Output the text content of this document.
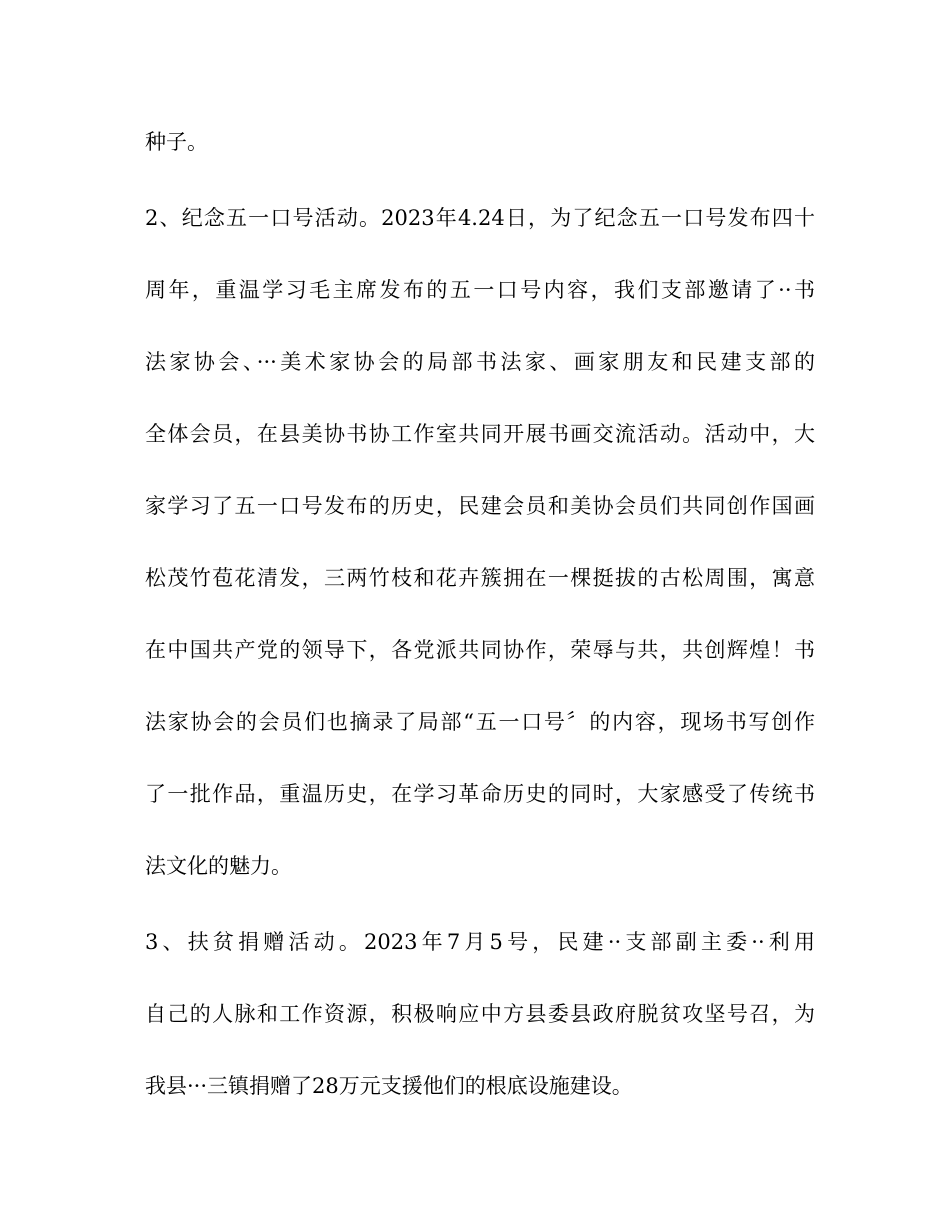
种子。
2、纪念五一口号活动。2023年4.24日，为了纪念五一口号发布四十
周年，重温学习毛主席发布的五一口号内容，我们支部邀请了··书
法家协会、···美术家协会的局部书法家、画家朋友和民建支部的
全体会员，在县美协书协工作室共同开展书画交流活动。活动中，大
家学习了五一口号发布的历史，民建会员和美协会员们共同创作国画
松茂竹苞花清发，三两竹枝和花卉簇拥在一棵挺拔的古松周围，寓意
在中国共产党的领导下，各党派共同协作，荣辱与共，共创辉煌！书
法家协会的会员们也摘录了局部“五一口号〞的内容，现场书写创作
了一批作品，重温历史，在学习革命历史的同时，大家感受了传统书
法文化的魅力。
3、扶贫捐赠活动。2023年7月5号，民建··支部副主委··利用
自己的人脉和工作资源，积极响应中方县委县政府脱贫攻坚号召，为
我县···三镇捐赠了28万元支援他们的根底设施建设。
